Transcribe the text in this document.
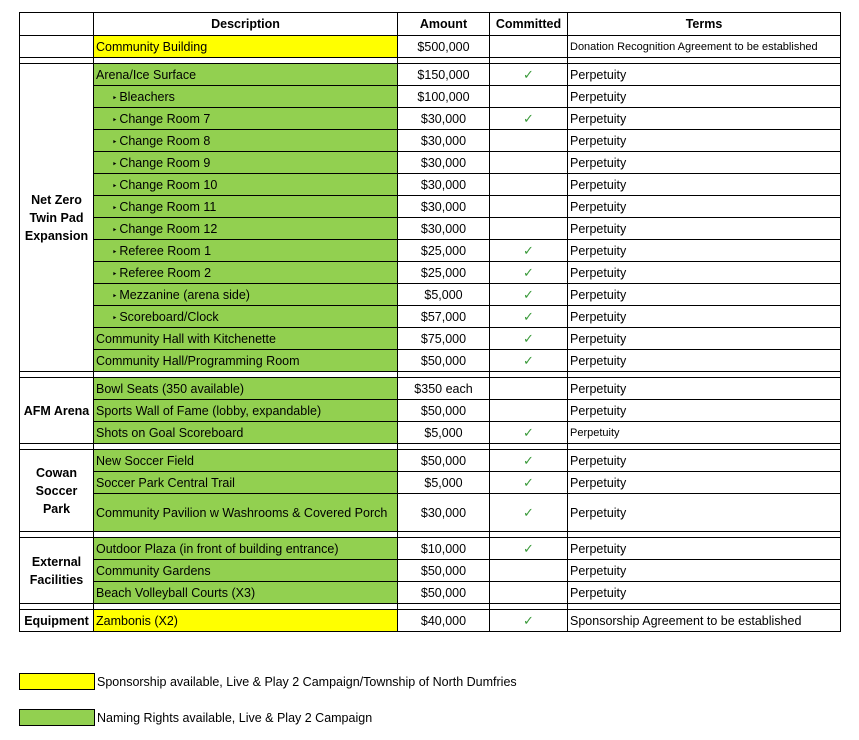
	Description	Amount	Committed	Terms
	Community Building	$500,000		Donation Recognition Agreement to be established

Net Zero Twin Pad Expansion	Arena/Ice Surface	$150,000	✓	Perpetuity
	‣ Bleachers	$100,000		Perpetuity
	‣ Change Room 7	$30,000	✓	Perpetuity
	‣ Change Room 8	$30,000		Perpetuity
	‣ Change Room 9	$30,000		Perpetuity
	‣ Change Room 10	$30,000		Perpetuity
	‣ Change Room 11	$30,000		Perpetuity
	‣ Change Room 12	$30,000		Perpetuity
	‣ Referee Room 1	$25,000	✓	Perpetuity
	‣ Referee Room 2	$25,000	✓	Perpetuity
	‣ Mezzanine (arena side)	$5,000	✓	Perpetuity
	‣ Scoreboard/Clock	$57,000	✓	Perpetuity
	Community Hall with Kitchenette	$75,000	✓	Perpetuity
	Community Hall/Programming Room	$50,000	✓	Perpetuity

AFM Arena	Bowl Seats (350 available)	$350 each		Perpetuity
	Sports Wall of Fame (lobby, expandable)	$50,000		Perpetuity
	Shots on Goal Scoreboard	$5,000	✓	Perpetuity

Cowan Soccer Park	New Soccer Field	$50,000	✓	Perpetuity
	Soccer Park Central Trail	$5,000	✓	Perpetuity
	Community Pavilion w Washrooms & Covered Porch	$30,000	✓	Perpetuity

External Facilities	Outdoor Plaza (in front of building entrance)	$10,000	✓	Perpetuity
	Community Gardens	$50,000		Perpetuity
	Beach Volleyball Courts (X3)	$50,000		Perpetuity

Equipment	Zambonis (X2)	$40,000	✓	Sponsorship Agreement to be established
Sponsorship available, Live & Play 2 Campaign/Township of North Dumfries
Naming Rights available, Live & Play 2 Campaign
